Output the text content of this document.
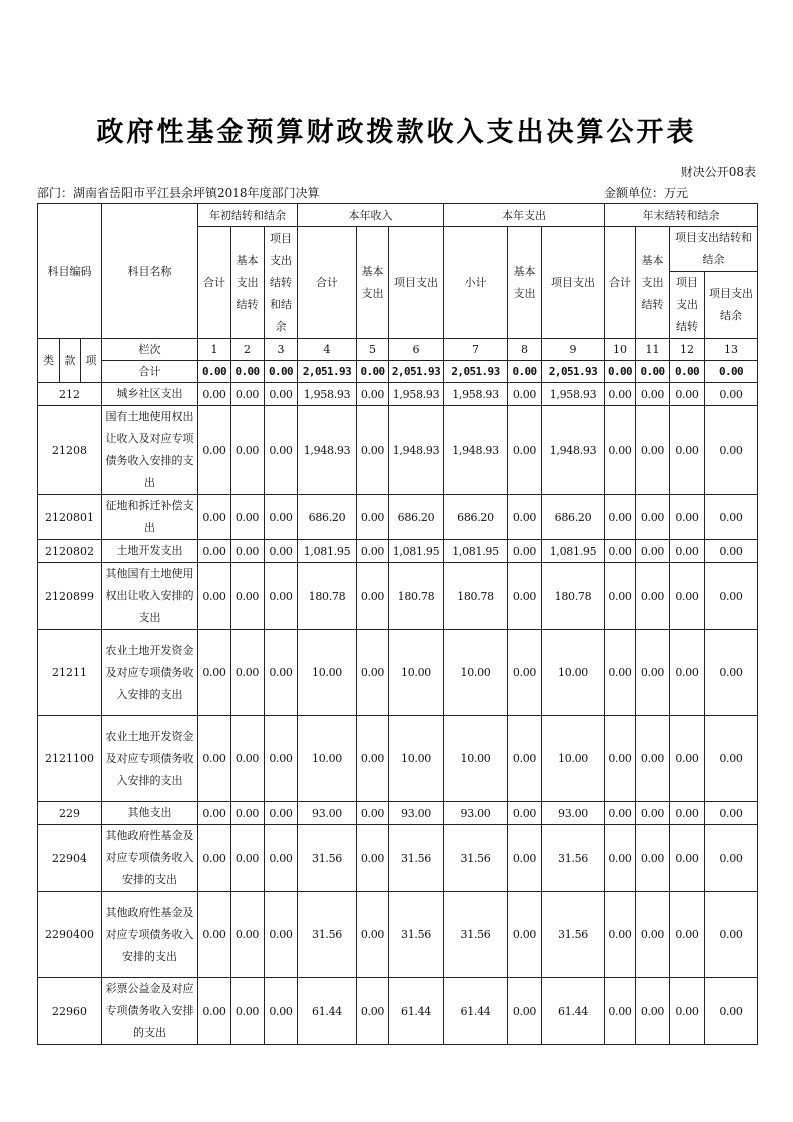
政府性基金预算财政拨款收入支出决算公开表
财决公开08表
部门：湖南省岳阳市平江县余坪镇2018年度部门决算	金额单位：万元
科目编码			科目名称	年初结转和结余			本年收入			本年支出			年末结转和结余			
				合计	基本支出结转	项目支出结转和结余	合计	基本支出	项目支出	小计	基本支出	项目支出	合计	基本支出结转	项目支出结转和结余	
															项目支出结转	项目支出结余

类	款	项	栏次	1	2	3	4	5	6	7	8	9	10	11	12	13
			合计	0.00	0.00	0.00	2,051.93	0.00	2,051.93	2,051.93	0.00	2,051.93	0.00	0.00	0.00	0.00
212			城乡社区支出	0.00	0.00	0.00	1,958.93	0.00	1,958.93	1,958.93	0.00	1,958.93	0.00	0.00	0.00	0.00
21208			国有土地使用权出让收入及对应专项债务收入安排的支出	0.00	0.00	0.00	1,948.93	0.00	1,948.93	1,948.93	0.00	1,948.93	0.00	0.00	0.00	0.00
2120801			征地和拆迁补偿支出	0.00	0.00	0.00	686.20	0.00	686.20	686.20	0.00	686.20	0.00	0.00	0.00	0.00
2120802			土地开发支出	0.00	0.00	0.00	1,081.95	0.00	1,081.95	1,081.95	0.00	1,081.95	0.00	0.00	0.00	0.00
2120899			其他国有土地使用权出让收入安排的支出	0.00	0.00	0.00	180.78	0.00	180.78	180.78	0.00	180.78	0.00	0.00	0.00	0.00
21211			农业土地开发资金及对应专项债务收入安排的支出	0.00	0.00	0.00	10.00	0.00	10.00	10.00	0.00	10.00	0.00	0.00	0.00	0.00
2121100			农业土地开发资金及对应专项债务收入安排的支出	0.00	0.00	0.00	10.00	0.00	10.00	10.00	0.00	10.00	0.00	0.00	0.00	0.00
229			其他支出	0.00	0.00	0.00	93.00	0.00	93.00	93.00	0.00	93.00	0.00	0.00	0.00	0.00
22904			其他政府性基金及对应专项债务收入安排的支出	0.00	0.00	0.00	31.56	0.00	31.56	31.56	0.00	31.56	0.00	0.00	0.00	0.00
2290400			其他政府性基金及对应专项债务收入安排的支出	0.00	0.00	0.00	31.56	0.00	31.56	31.56	0.00	31.56	0.00	0.00	0.00	0.00
22960			彩票公益金及对应专项债务收入安排的支出	0.00	0.00	0.00	61.44	0.00	61.44	61.44	0.00	61.44	0.00	0.00	0.00	0.00
